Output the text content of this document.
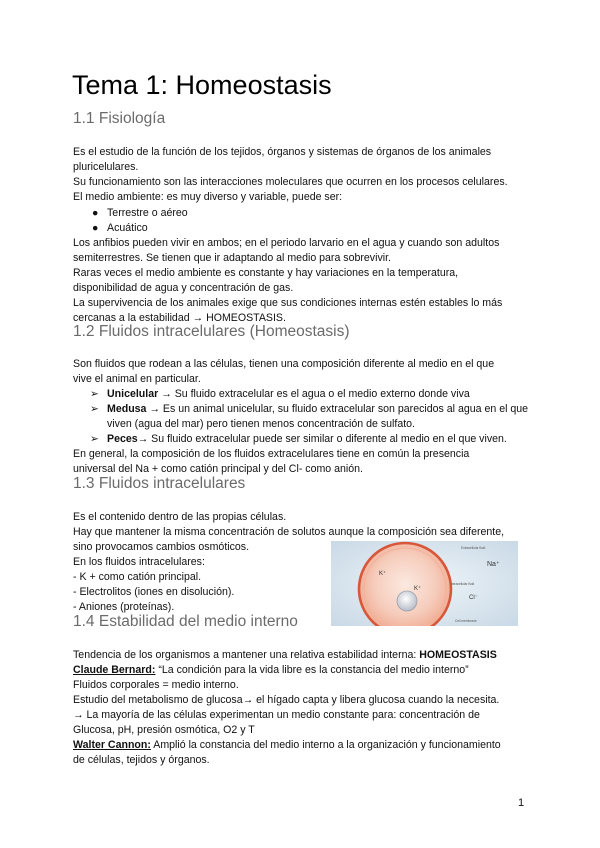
Tema 1: Homeostasis
1.1 Fisiología

Es el estudio de la función de los tejidos, órganos y sistemas de órganos de los animales

pluricelulares.

Su funcionamiento son las interacciones moleculares que ocurren en los procesos celulares.

El medio ambiente: es muy diverso y variable, puede ser:

● Terrestre o aéreo
● Acuático

Los anfibios pueden vivir en ambos; en el periodo larvario en el agua y cuando son adultos

semiterrestres. Se tienen que ir adaptando al medio para sobrevivir.

Raras veces el medio ambiente es constante y hay variaciones en la temperatura,

disponibilidad de agua y concentración de gas.

La supervivencia de los animales exige que sus condiciones internas estén estables lo más

cercanas a la estabilidad → HOMEOSTASIS.

1.2 Fluidos intracelulares (Homeostasis)

Son fluidos que rodean a las células, tienen una composición diferente al medio en el que

vive el animal en particular.

➢ Unicelular → Su fluido extracelular es el agua o el medio externo donde viva
➢ Medusa → Es un animal unicelular, su fluido extracelular son parecidos al agua en el que viven (agua del mar) pero tienen menos concentración de sulfato.
➢ Peces→ Su fluido extracelular puede ser similar o diferente al medio en el que viven.

En general, la composición de los fluidos extracelulares tiene en común la presencia

universal del Na + como catión principal y del Cl- como anión.

1.3 Fluidos intracelulares

Es el contenido dentro de las propias células.

Hay que mantener la misma concentración de solutos aunque la composición sea diferente,

sino provocamos cambios osmóticos.

En los fluidos intracelulares:

- K + como catión principal.

- Electrolitos (iones en disolución).

- Aniones (proteínas).

Na⁺
K⁺
K⁺
Cl⁻
Extracellular fluid
Intracellular fluid
Cell membrane
1.4 Estabilidad del medio interno

Tendencia de los organismos a mantener una relativa estabilidad interna: HOMEOSTASIS

Claude Bernard: “La condición para la vida libre es la constancia del medio interno”

Fluidos corporales = medio interno.

Estudio del metabolismo de glucosa→ el hígado capta y libera glucosa cuando la necesita.

→ La mayoría de las células experimentan un medio constante para: concentración de

Glucosa, pH, presión osmótica, O2 y T

Walter Cannon: Amplió la constancia del medio interno a la organización y funcionamiento

de células, tejidos y órganos.

1
